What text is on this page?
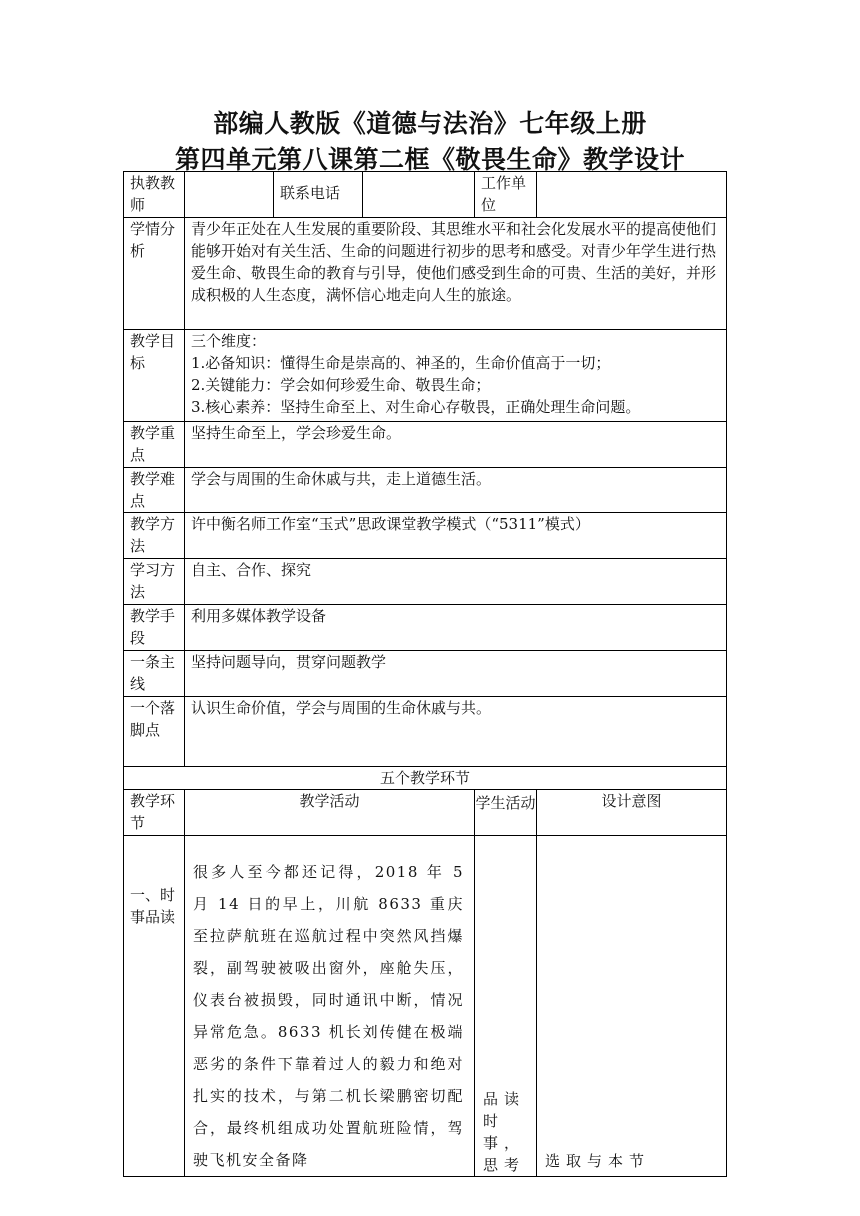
部编人教版《道德与法治》七年级上册
第四单元第八课第二框《敬畏生命》教学设计
执教教师		联系电话		工作单位	
学情分析	青少年正处在人生发展的重要阶段、其思维水平和社会化发展水平的提高使他们能够开始对有关生活、生命的问题进行初步的思考和感受。对青少年学生进行热爱生命、敬畏生命的教育与引导，使他们感受到生命的可贵、生活的美好，并形成积极的人生态度，满怀信心地走向人生的旅途。				
教学目标	三个维度：
1.必备知识：懂得生命是崇高的、神圣的，生命价值高于一切；
2.关键能力：学会如何珍爱生命、敬畏生命；
3.核心素养：坚持生命至上、对生命心存敬畏，正确处理生命问题。				

教学重点	坚持生命至上，学会珍爱生命。				
教学难点	学会与周围的生命休戚与共，走上道德生活。				
教学方法	许中衡名师工作室“玉式”思政课堂教学模式（“5311”模式）				
学习方法	自主、合作、探究				
教学手段	利用多媒体教学设备				
一条主线	坚持问题导向，贯穿问题教学				
一个落脚点	认识生命价值，学会与周围的生命休戚与共。				
五个教学环节					
教学环节	教学活动			学生活动	设计意图
一、时事品读	很多人至今都还记得，2018 年 5 月 14 日的早上，川航 8633 重庆至拉萨航班在巡航过程中突然风挡爆裂，副驾驶被吸出窗外，座舱失压，仪表台被损毁，同时通讯中断，情况异常危急。8633 机长刘传健在极端恶劣的条件下靠着过人的毅力和绝对扎实的技术，与第二机长梁鹏密切配合，最终机组成功处置航班险情，驾驶飞机安全备降			品读时事，思考	选取与本节
